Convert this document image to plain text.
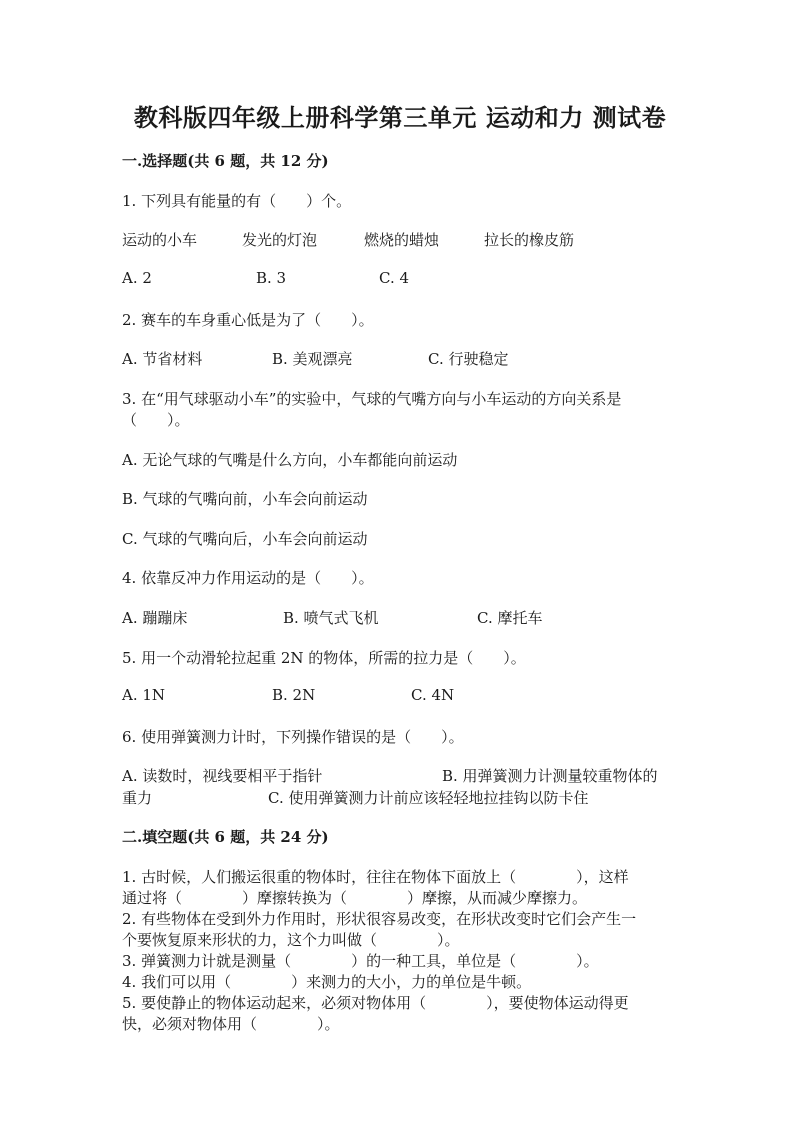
教科版四年级上册科学第三单元 运动和力 测试卷
一.选择题(共 6 题，共 12 分)
1. 下列具有能量的有（　　）个。
运动的小车	发光的灯泡	燃烧的蜡烛	拉长的橡皮筋
A. 2	B. 3	C. 4
2. 赛车的车身重心低是为了（　　）。
A. 节省材料	B. 美观漂亮	C. 行驶稳定
3. 在“用气球驱动小车”的实验中，气球的气嘴方向与小车运动的方向关系是
（　　）。
A. 无论气球的气嘴是什么方向，小车都能向前运动
B. 气球的气嘴向前，小车会向前运动
C. 气球的气嘴向后，小车会向前运动
4. 依靠反冲力作用运动的是（　　）。
A. 蹦蹦床	B. 喷气式飞机	C. 摩托车
5. 用一个动滑轮拉起重 2N 的物体，所需的拉力是（　　）。
A. 1N	B. 2N	C. 4N
6. 使用弹簧测力计时，下列操作错误的是（　　）。
A. 读数时，视线要相平于指针	B. 用弹簧测力计测量较重物体的
重力	C. 使用弹簧测力计前应该轻轻地拉挂钩以防卡住
二.填空题(共 6 题，共 24 分)
1. 古时候，人们搬运很重的物体时，往往在物体下面放上（　　　　），这样
通过将（　　　　）摩擦转换为（　　　　）摩擦，从而减少摩擦力。
2. 有些物体在受到外力作用时，形状很容易改变，在形状改变时它们会产生一
个要恢复原来形状的力，这个力叫做（　　　　）。
3. 弹簧测力计就是测量（　　　　）的一种工具，单位是（　　　　）。
4. 我们可以用（　　　　）来测力的大小，力的单位是牛顿。
5. 要使静止的物体运动起来，必须对物体用（　　　　），要使物体运动得更
快，必须对物体用（　　　　）。
